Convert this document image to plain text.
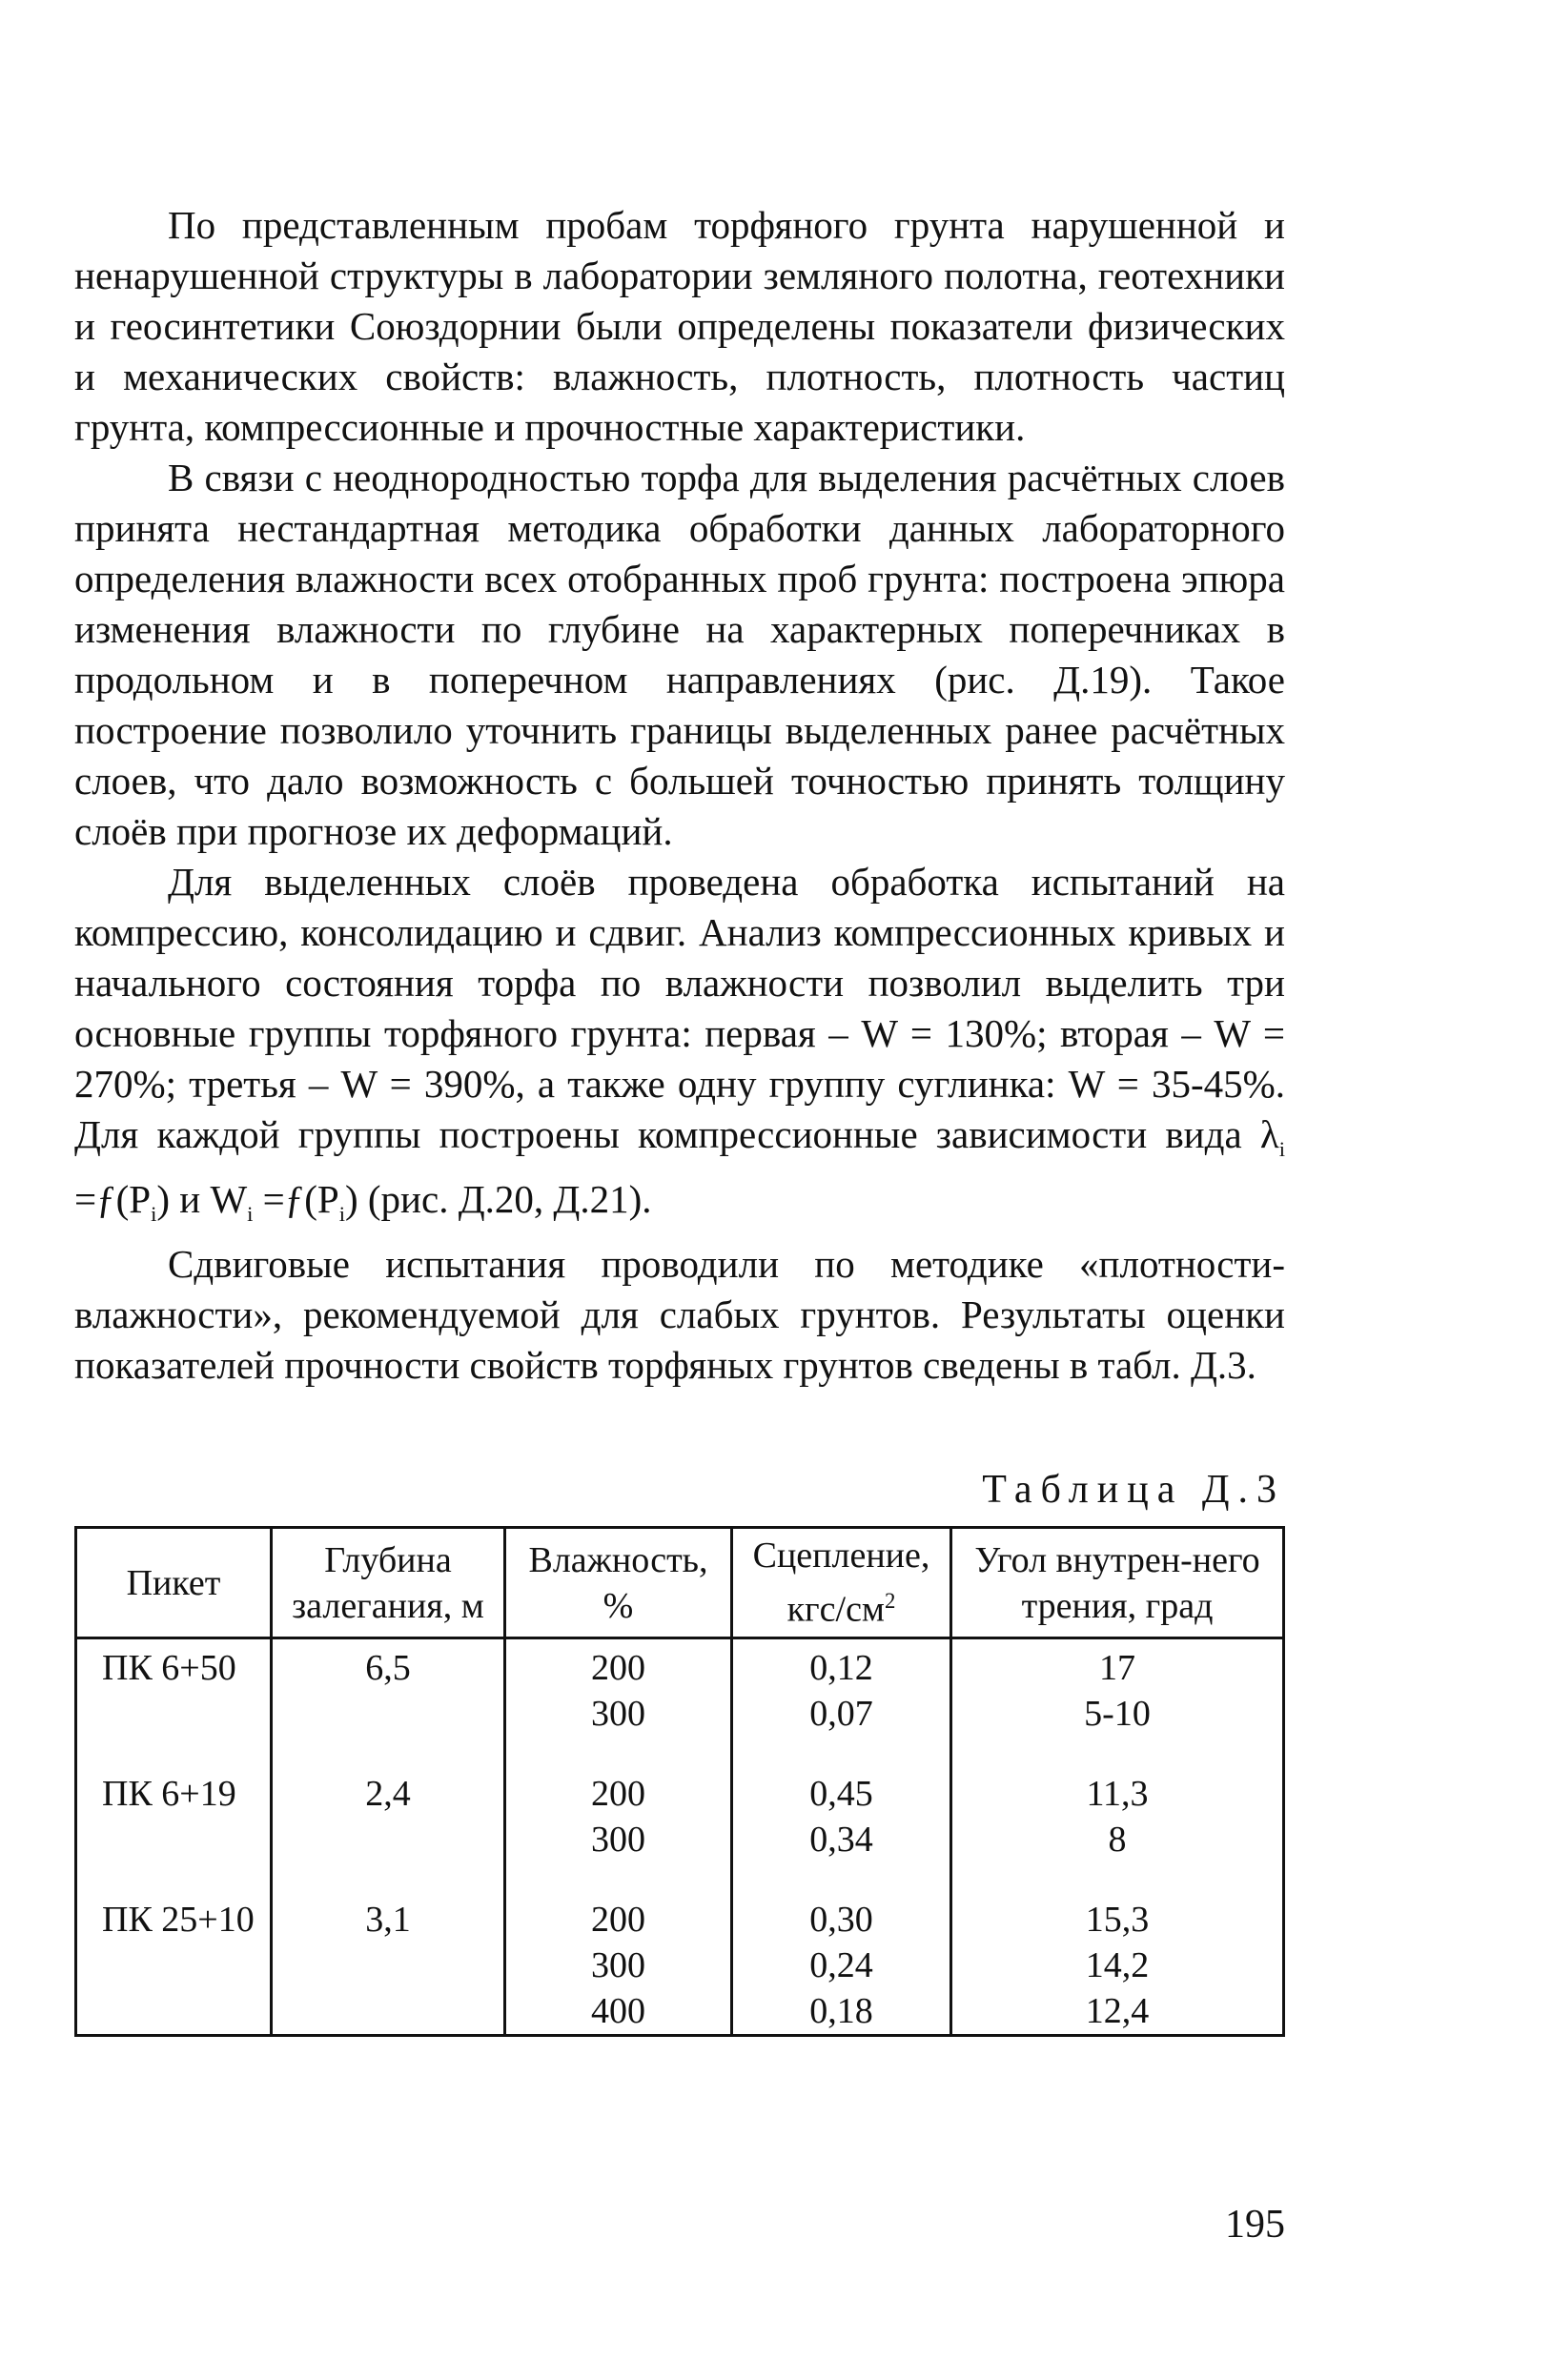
По представленным пробам торфяного грунта нарушенной и ненарушенной структуры в лаборатории земляного полотна, геотехники и геосинтетики Союздорнии были определены показатели физических и механических свойств: влажность, плотность, плотность частиц грунта, компрессионные и прочностные характеристики.

В связи с неоднородностью торфа для выделения расчётных слоев принята нестандартная методика обработки данных лабораторного определения влажности всех отобранных проб грунта: построена эпюра изменения влажности по глубине на характерных поперечниках в продольном и в поперечном направлениях (рис. Д.19). Такое построение позволило уточнить границы выделенных ранее расчётных слоев, что дало возможность с большей точностью принять толщину слоёв при прогнозе их деформаций.

Для выделенных слоёв проведена обработка испытаний на компрессию, консолидацию и сдвиг. Анализ компрессионных кривых и начального состояния торфа по влажности позволил выделить три основные группы торфяного грунта: первая – W = 130%; вторая – W = 270%; третья – W = 390%, а также одну группу суглинка: W = 35-45%. Для каждой группы построены компрессионные зависимости вида $\lambda_i$ $=ƒ(P_i)$ и $W_i$ $=ƒ(P_i)$ (рис. Д.20, Д.21).

Сдвиговые испытания проводили по методике «плотности-влажности», рекомендуемой для слабых грунтов. Результаты оценки показателей прочности свойств торфяных грунтов сведены в табл. Д.3.

Таблица Д.3
Пикет	Глубина залегания, м	Влажность, %	Сцепление, кгс/$см^2$	Угол внутрен-него трения, град
ПК 6+50	6,5	200	0,12	17
		300	0,07	5-10
ПК 6+19	2,4	200	0,45	11,3
		300	0,34	8
ПК 25+10	3,1	200	0,30	15,3
		300	0,24	14,2
		400	0,18	12,4
195
